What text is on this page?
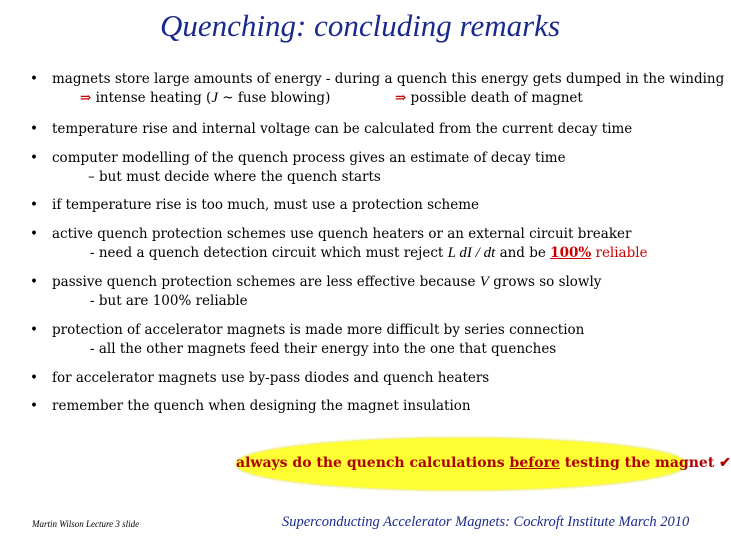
Quenching: concluding remarks
• magnets store large amounts of energy - during a quench this energy gets dumped in the winding
⇒ intense heating (J ~ fuse blowing)	⇒ possible death of magnet
• temperature rise and internal voltage can be calculated from the current decay time
• computer modelling of the quench process gives an estimate of decay time
– but must decide where the quench starts
• if temperature rise is too much, must use a protection scheme
• active quench protection schemes use quench heaters or an external circuit breaker
- need a quench detection circuit which must reject L dI / dt and be 100% reliable
• passive quench protection schemes are less effective because V grows so slowly
- but are 100% reliable
• protection of accelerator magnets is made more difficult by series connection
- all the other magnets feed their energy into the one that quenches
• for accelerator magnets use by-pass diodes and quench heaters
• remember the quench when designing the magnet insulation
always do the quench calculations before testing the magnet ✔
Martin Wilson Lecture 3 slide	Superconducting Accelerator Magnets: Cockroft Institute March 2010
